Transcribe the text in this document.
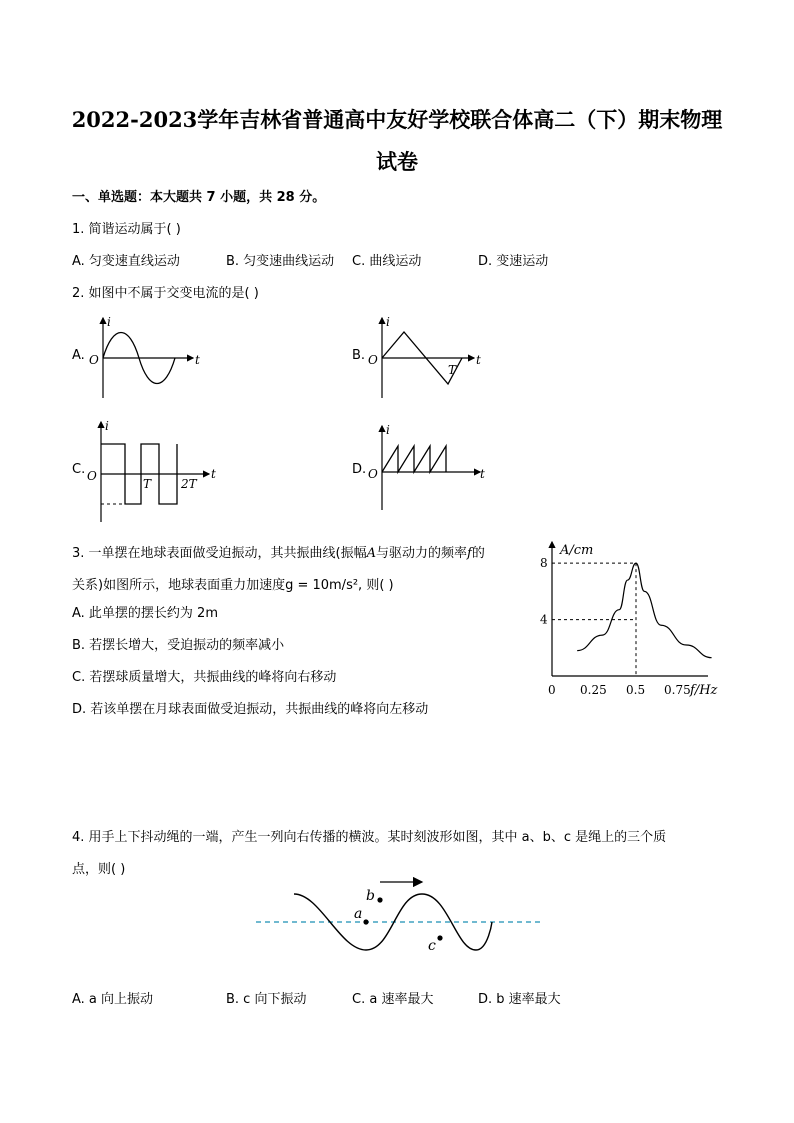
2022-2023学年吉林省普通高中友好学校联合体高二（下）期末物理
试卷
一、单选题：本大题共 7 小题，共 28 分。
1. 简谐运动属于( )
A. 匀变速直线运动	B. 匀变速曲线运动 C. 曲线运动	D. 变速运动
2. 如图中不属于交变电流的是( )
A.
i
O	t	B.
i
O	t
T
C.
i
O	t
T 2T
D.
i
O	t
3. 一单摆在地球表面做受迫振动，其共振曲线(振幅A与驱动力的频率f的
关系)如图所示，地球表面重力加速度g = 10m/s², 则( )
A. 此单摆的摆长约为 2m
B. 若摆长增大，受迫振动的频率减小
C. 若摆球质量增大，共振曲线的峰将向右移动
D. 若该单摆在月球表面做受迫振动，共振曲线的峰将向左移动
A/cm
f/Hz
0 0.25 0.5 0.75
8
4
4. 用手上下抖动绳的一端，产生一列向右传播的横波。某时刻波形如图，其中 a、b、c 是绳上的三个质
点，则( )
a
b
c
A. a 向上振动	B. c 向下振动	C. a 速率最大	D. b 速率最大
